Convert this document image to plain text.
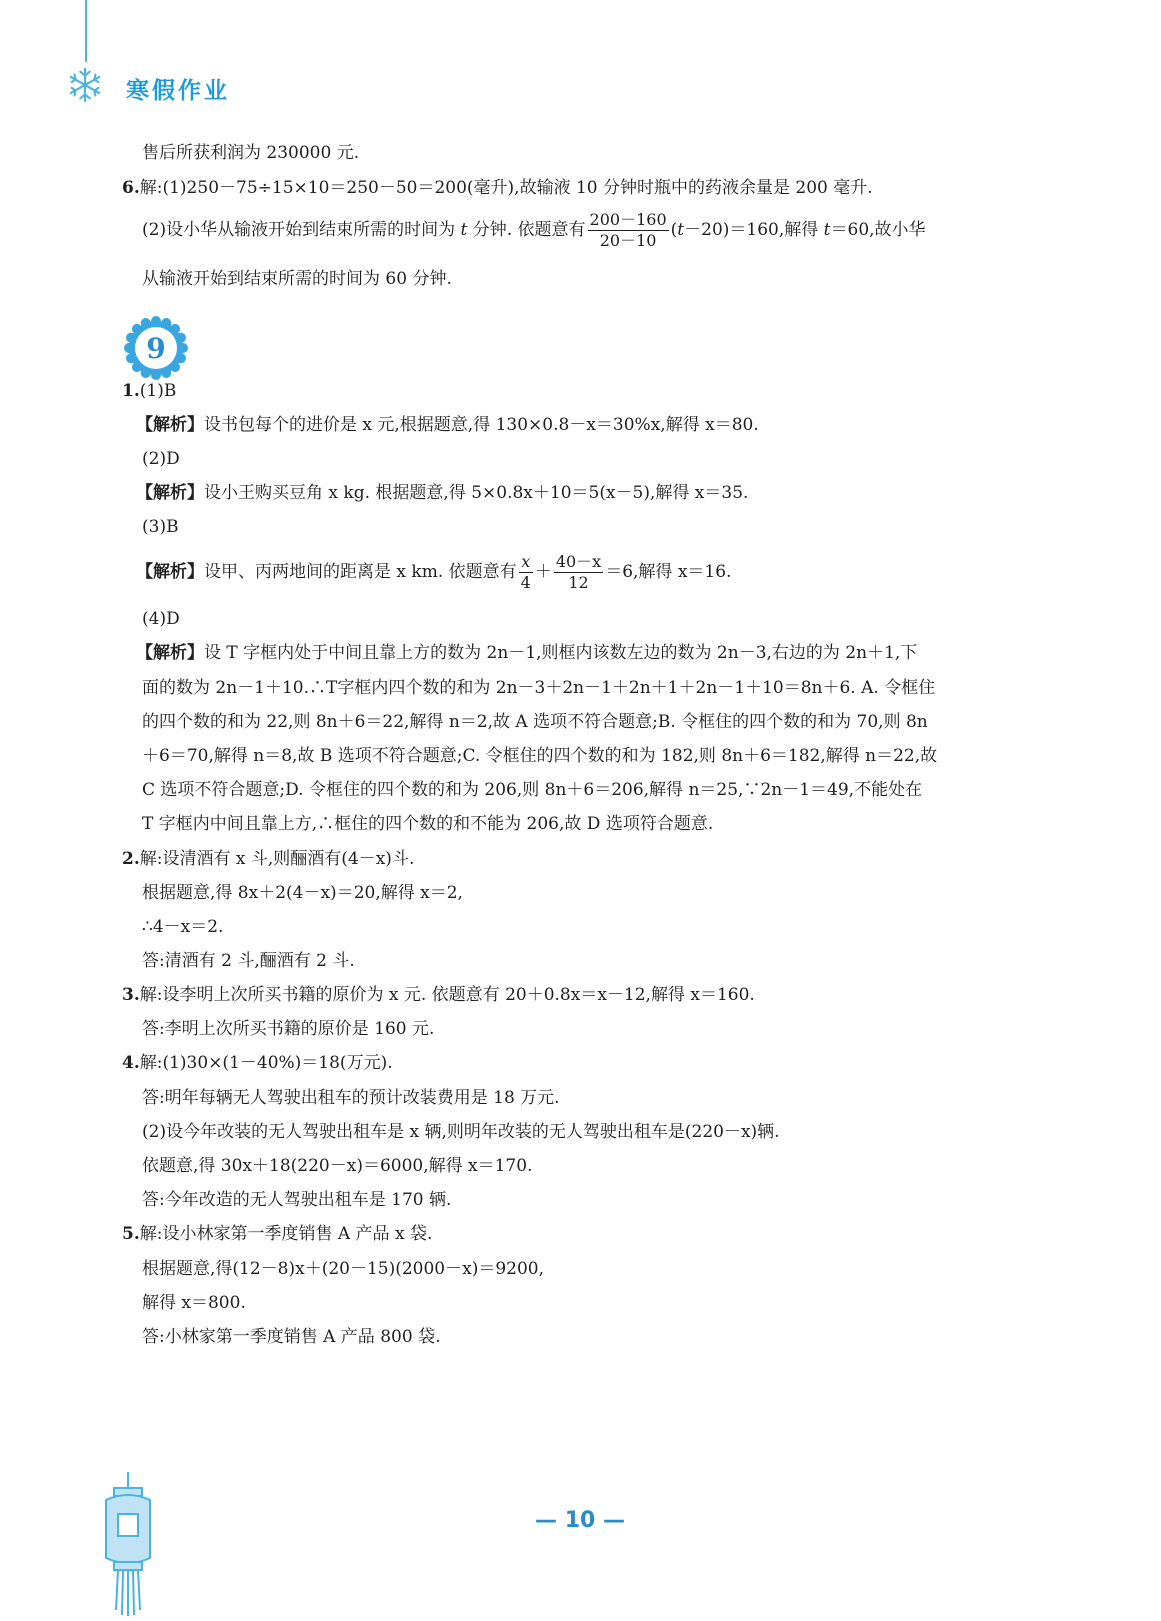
寒假作业
售后所获利润为 230000 元.
6.解:(1)250－75÷15×10＝250－50＝200(毫升),故输液 10 分钟时瓶中的药液余量是 200 毫升.
(2)设小华从输液开始到结束所需的时间为 t 分钟. 依题意有 $\frac{200-160}{20-10} (t-20)=160$,解得 t＝60,故小华
从输液开始到结束所需的时间为 60 分钟.
9
1.(1)B
【解析】设书包每个的进价是 x 元,根据题意,得 130×0.8－x＝30%x,解得 x＝80.
(2)D
【解析】设小王购买豆角 x kg. 根据题意,得 5×0.8x＋10＝5(x－5),解得 x＝35.
(3)B
【解析】设甲、丙两地间的距离是 x km. 依题意有 $\frac{x}{4} + \frac{40-x}{12} =6$,解得 x＝16.
(4)D
【解析】设 T 字框内处于中间且靠上方的数为 2n－1,则框内该数左边的数为 2n－3,右边的为 2n＋1,下
面的数为 2n－1＋10.∴T字框内四个数的和为 2n－3＋2n－1＋2n＋1＋2n－1＋10＝8n＋6. A. 令框住
的四个数的和为 22,则 8n＋6＝22,解得 n＝2,故 A 选项不符合题意;B. 令框住的四个数的和为 70,则 8n
＋6＝70,解得 n＝8,故 B 选项不符合题意;C. 令框住的四个数的和为 182,则 8n＋6＝182,解得 n＝22,故
C 选项不符合题意;D. 令框住的四个数的和为 206,则 8n＋6＝206,解得 n＝25,∵2n－1＝49,不能处在
T 字框内中间且靠上方,∴框住的四个数的和不能为 206,故 D 选项符合题意.
2.解:设清酒有 x 斗,则酾酒有(4－x)斗.
根据题意,得 8x＋2(4－x)＝20,解得 x＝2,
∴4－x＝2.
答:清酒有 2 斗,酾酒有 2 斗.
3.解:设李明上次所买书籍的原价为 x 元. 依题意有 20＋0.8x＝x－12,解得 x＝160.
答:李明上次所买书籍的原价是 160 元.
4.解:(1)30×(1－40%)＝18(万元).
答:明年每辆无人驾驶出租车的预计改装费用是 18 万元.
(2)设今年改装的无人驾驶出租车是 x 辆,则明年改装的无人驾驶出租车是(220－x)辆.
依题意,得 30x＋18(220－x)＝6000,解得 x＝170.
答:今年改造的无人驾驶出租车是 170 辆.
5.解:设小林家第一季度销售 A 产品 x 袋.
根据题意,得(12－8)x＋(20－15)(2000－x)＝9200,
解得 x＝800.
答:小林家第一季度销售 A 产品 800 袋.
— 10 —
